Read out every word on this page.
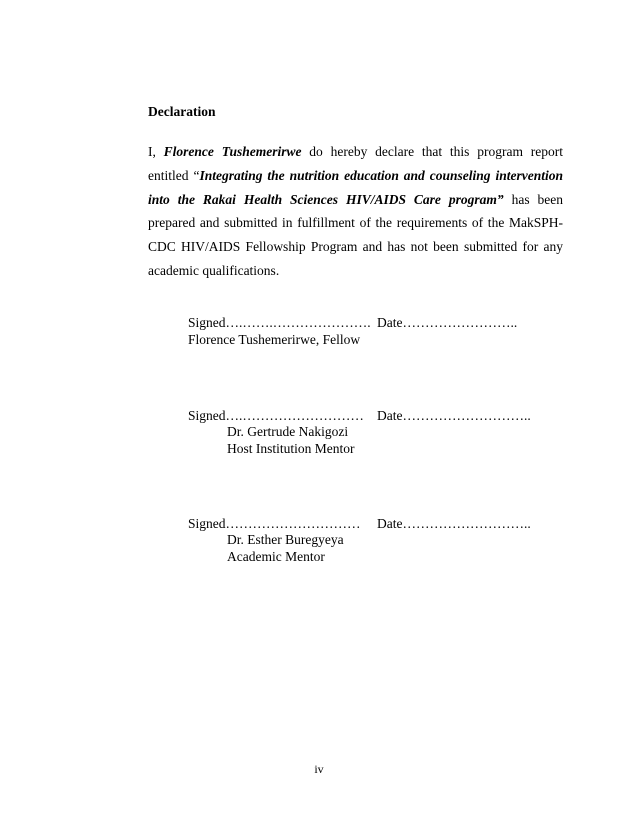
Declaration

I, Florence Tushemerirwe do hereby declare that this program report entitled “Integrating the nutrition education and counseling intervention into the Rakai Health Sciences HIV/AIDS Care program” has been prepared and submitted in fulfillment of the requirements of the MakSPH-CDC HIV/AIDS Fellowship Program and has not been submitted for any academic qualifications.

Signed….…….…………………. Date……………………..

Florence Tushemerirwe, Fellow

Signed….……………………… Date………………………..

Dr. Gertrude Nakigozi

Host Institution Mentor

Signed………………………… Date………………………..

Dr. Esther Buregyeya

Academic Mentor

iv
